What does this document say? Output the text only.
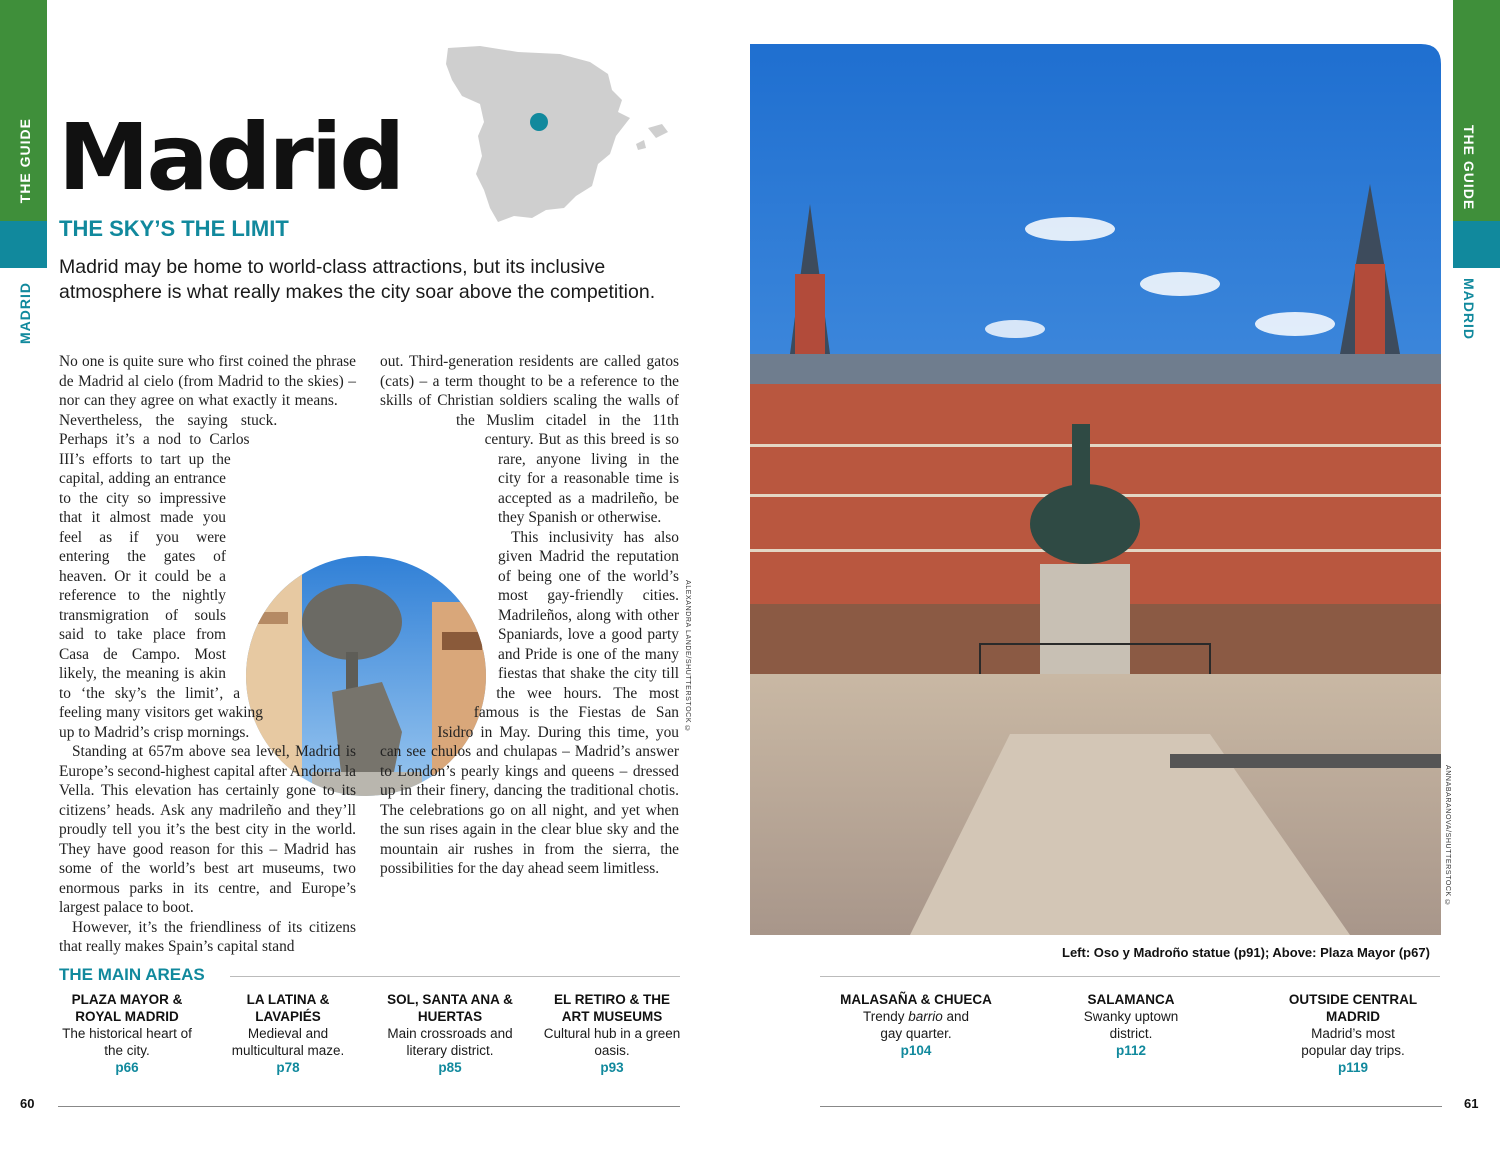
THE GUIDE
MADRID
THE GUIDE
MADRID
Madrid
THE SKY’S THE LIMIT
Madrid may be home to world-class attractions, but its inclusive atmosphere is what really makes the city soar above the competition.

No one is quite sure who first coined the phrase de Madrid al cielo (from Madrid to the skies) – nor can they agree on what exactly it means. Nevertheless, the saying stuck. Perhaps it’s a nod to Carlos III’s efforts to tart up the capital, adding an entrance to the city so impressive that it almost made you feel as if you were entering the gates of heaven. Or it could be a reference to the nightly transmigration of souls said to take place from Casa de Campo. Most likely, the meaning is akin to ‘the sky’s the limit’, a feeling many visitors get waking up to Madrid’s crisp mornings.

Standing at 657m above sea level, Madrid is Europe’s second-highest capital after Andorra la Vella. This elevation has certainly gone to its citizens’ heads. Ask any madrileño and they’ll proudly tell you it’s the best city in the world. They have good reason for this – Madrid has some of the world’s best art museums, two enormous parks in its centre, and Europe’s largest palace to boot.

However, it’s the friendliness of its citizens that really makes Spain’s capital stand

out. Third-generation residents are called gatos (cats) – a term thought to be a reference to the skills of Christian soldiers scaling the walls of the Muslim citadel in the 11th century. But as this breed is so rare, anyone living in the city for a reasonable time is accepted as a madrileño, be they Spanish or otherwise.

This inclusivity has also given Madrid the reputation of being one of the world’s most gay-friendly cities. Madrileños, along with other Spaniards, love a good party and Pride is one of the many fiestas that shake the city till the wee hours. The most famous is the Fiestas de San Isidro in May. During this time, you can see chulos and chulapas – Madrid’s answer to London’s pearly kings and queens – dressed up in their finery, dancing the traditional chotis. The celebrations go on all night, and yet when the sun rises again in the clear blue sky and the mountain air rushes in from the sierra, the possibilities for the day ahead seem limitless.

ALEXANDRA LANDE/SHUTTERSTOCK ©
ANNABARANOVA/SHUTTERSTOCK ©
Left: Oso y Madroño statue (p91); Above: Plaza Mayor (p67)
THE MAIN AREAS
PLAZA MAYOR & ROYAL MADRID
The historical heart of the city.
p66
LA LATINA & LAVAPIÉS
Medieval and multicultural maze.
p78
SOL, SANTA ANA & HUERTAS
Main crossroads and literary district.
p85
EL RETIRO & THE ART MUSEUMS
Cultural hub in a green oasis.
p93
MALASAÑA & CHUECA
Trendy barrio and gay quarter.
p104
SALAMANCA
Swanky uptown district.
p112
OUTSIDE CENTRAL MADRID
Madrid’s most popular day trips.
p119
60	61
